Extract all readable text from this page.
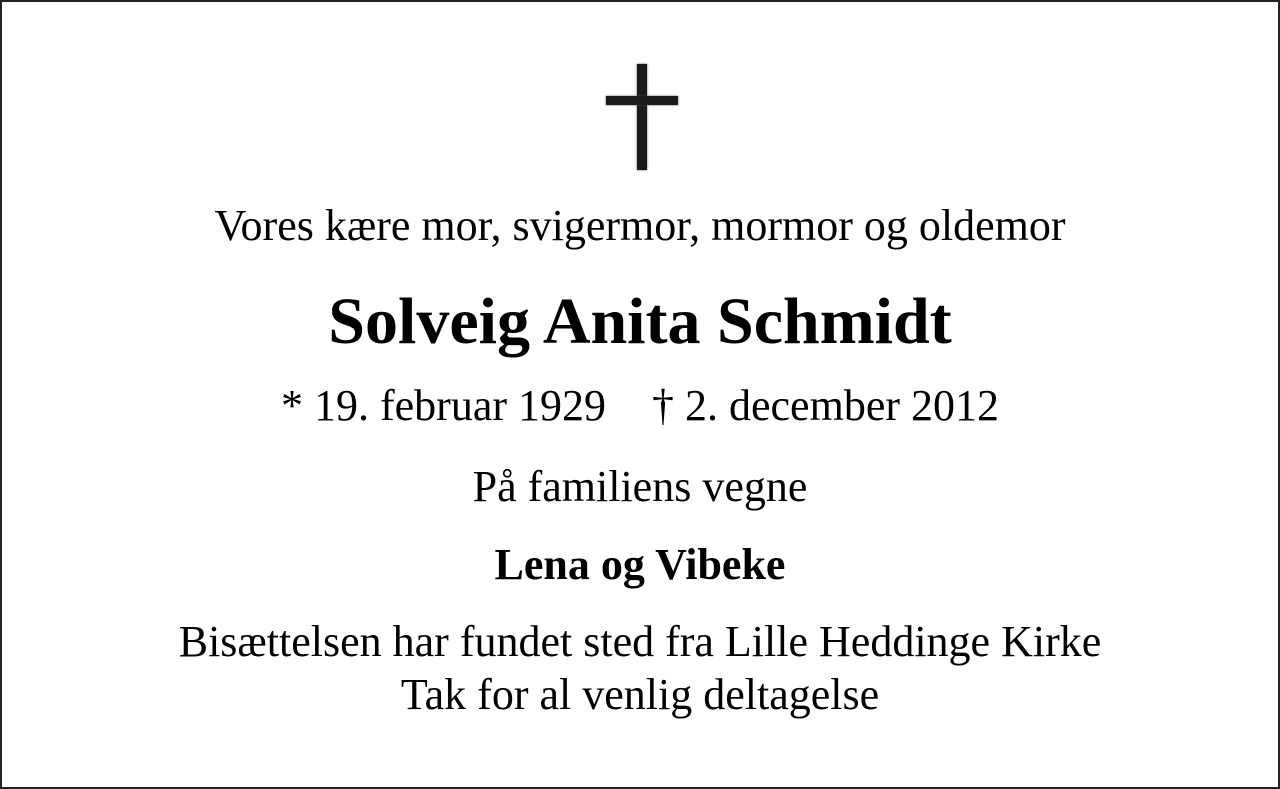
Vores kære mor, svigermor, mormor og oldemor
Solveig Anita Schmidt
* 19. februar 1929 † 2. december 2012
På familiens vegne
Lena og Vibeke
Bisættelsen har fundet sted fra Lille Heddinge Kirke
Tak for al venlig deltagelse
